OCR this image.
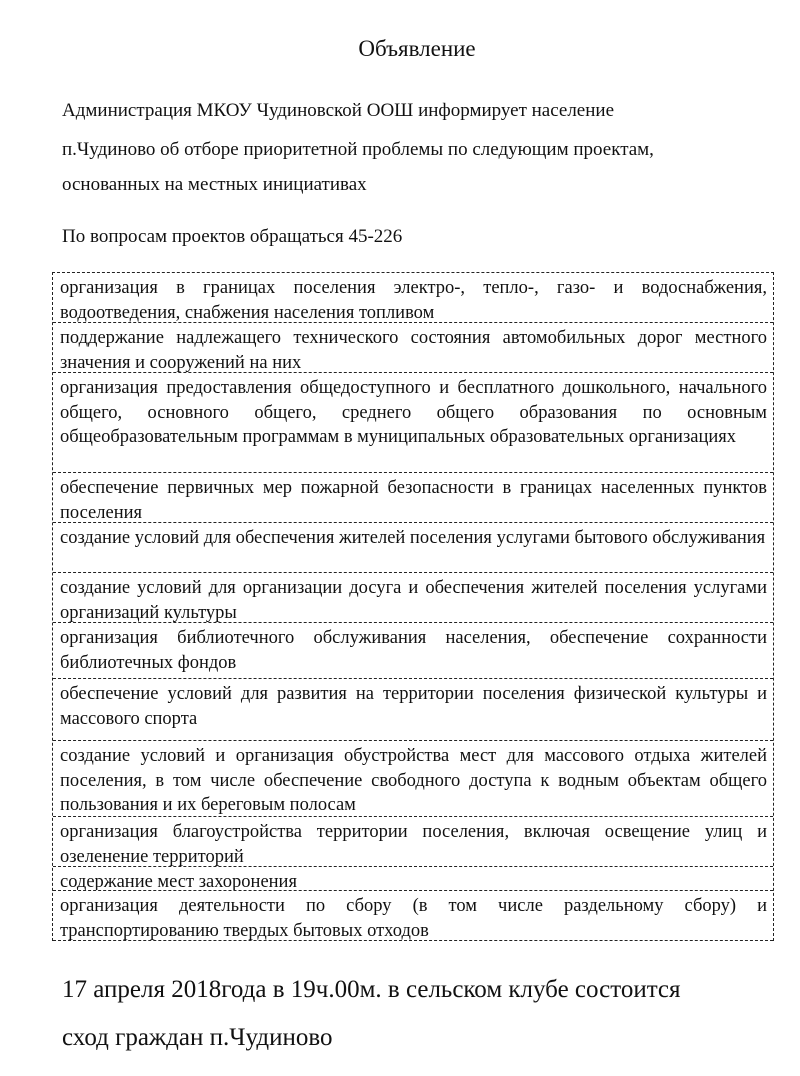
Объявление
Администрация МКОУ Чудиновской ООШ информирует население
п.Чудиново об отборе приоритетной проблемы по следующим проектам,
основанных на местных инициативах
По вопросам проектов обращаться 45-226
организация в границах поселения электро-, тепло-, газо- и водоснабжения, водоотведения, снабжения населения топливом
поддержание надлежащего технического состояния автомобильных дорог местного значения и сооружений на них
организация предоставления общедоступного и бесплатного дошкольного, начального общего, основного общего, среднего общего образования по основным общеобразовательным программам в муниципальных образовательных организациях
обеспечение первичных мер пожарной безопасности в границах населенных пунктов поселения
создание условий для обеспечения жителей поселения услугами бытового обслуживания
создание условий для организации досуга и обеспечения жителей поселения услугами организаций культуры
организация библиотечного обслуживания населения, обеспечение сохранности библиотечных фондов
обеспечение условий для развития на территории поселения физической культуры и массового спорта
создание условий и организация обустройства мест для массового отдыха жителей поселения, в том числе обеспечение свободного доступа к водным объектам общего пользования и их береговым полосам
организация благоустройства территории поселения, включая освещение улиц и озеленение территорий
содержание мест захоронения
организация деятельности по сбору (в том числе раздельному сбору) и транспортированию твердых бытовых отходов
17 апреля 2018года в 19ч.00м. в сельском клубе состоится
сход граждан п.Чудиново
